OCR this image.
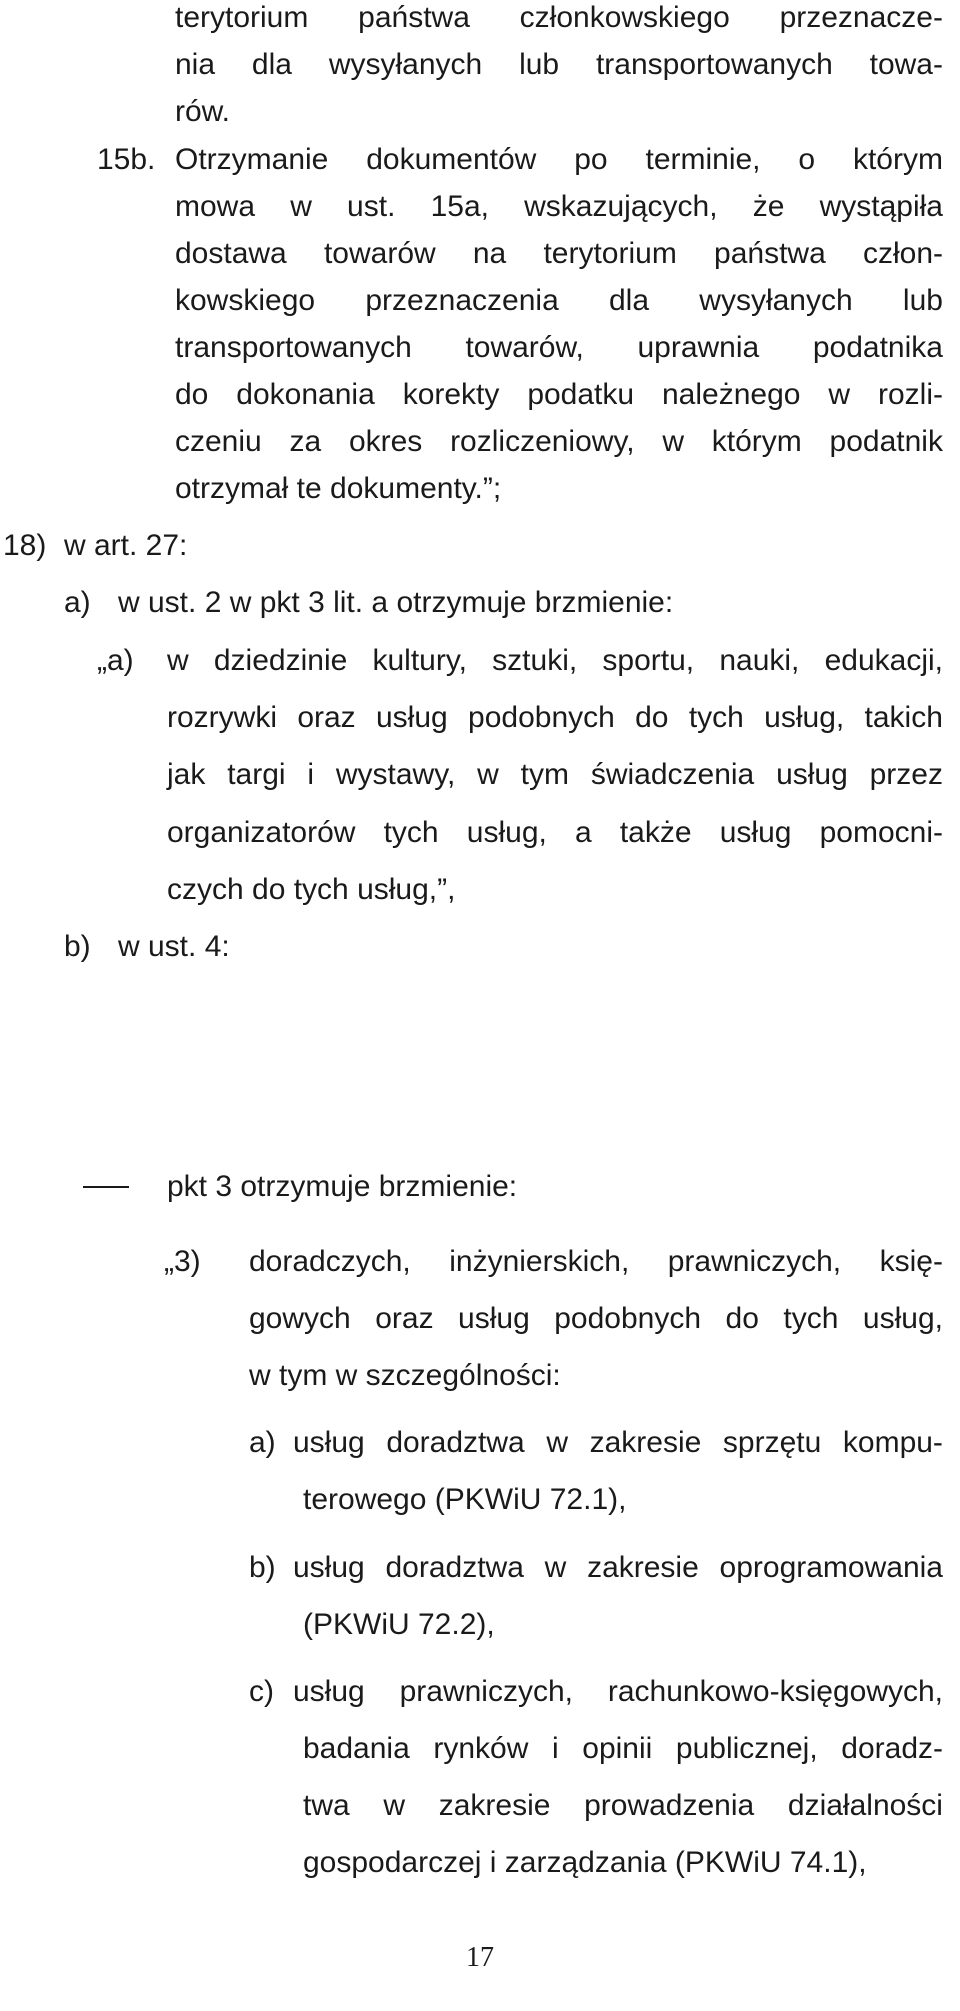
terytorium państwa członkowskiego przeznacze-
nia dla wysyłanych lub transportowanych towa-
rów.
15b. Otrzymanie dokumentów po terminie, o którym
mowa w ust. 15a, wskazujących, że wystąpiła
dostawa towarów na terytorium państwa człon-
kowskiego przeznaczenia dla wysyłanych lub
transportowanych towarów, uprawnia podatnika
do dokonania korekty podatku należnego w rozli-
czeniu za okres rozliczeniowy, w którym podatnik
otrzymał te dokumenty.”;
18) w art. 27:
a) w ust. 2 w pkt 3 lit. a otrzymuje brzmienie:
„a) w dziedzinie kultury, sztuki, sportu, nauki, edukacji,
rozrywki oraz usług podobnych do tych usług, takich
jak targi i wystawy, w tym świadczenia usług przez
organizatorów tych usług, a także usług pomocni-
czych do tych usług,”,
b) w ust. 4:
pkt 3 otrzymuje brzmienie:
„3) doradczych, inżynierskich, prawniczych, księ-
gowych oraz usług podobnych do tych usług,
w tym w szczególności:
a) usług doradztwa w zakresie sprzętu kompu-
terowego (PKWiU 72.1),
b) usług doradztwa w zakresie oprogramowania
(PKWiU 72.2),
c) usług prawniczych, rachunkowo-księgowych,
badania rynków i opinii publicznej, doradz-
twa w zakresie prowadzenia działalności
gospodarczej i zarządzania (PKWiU 74.1),
17
